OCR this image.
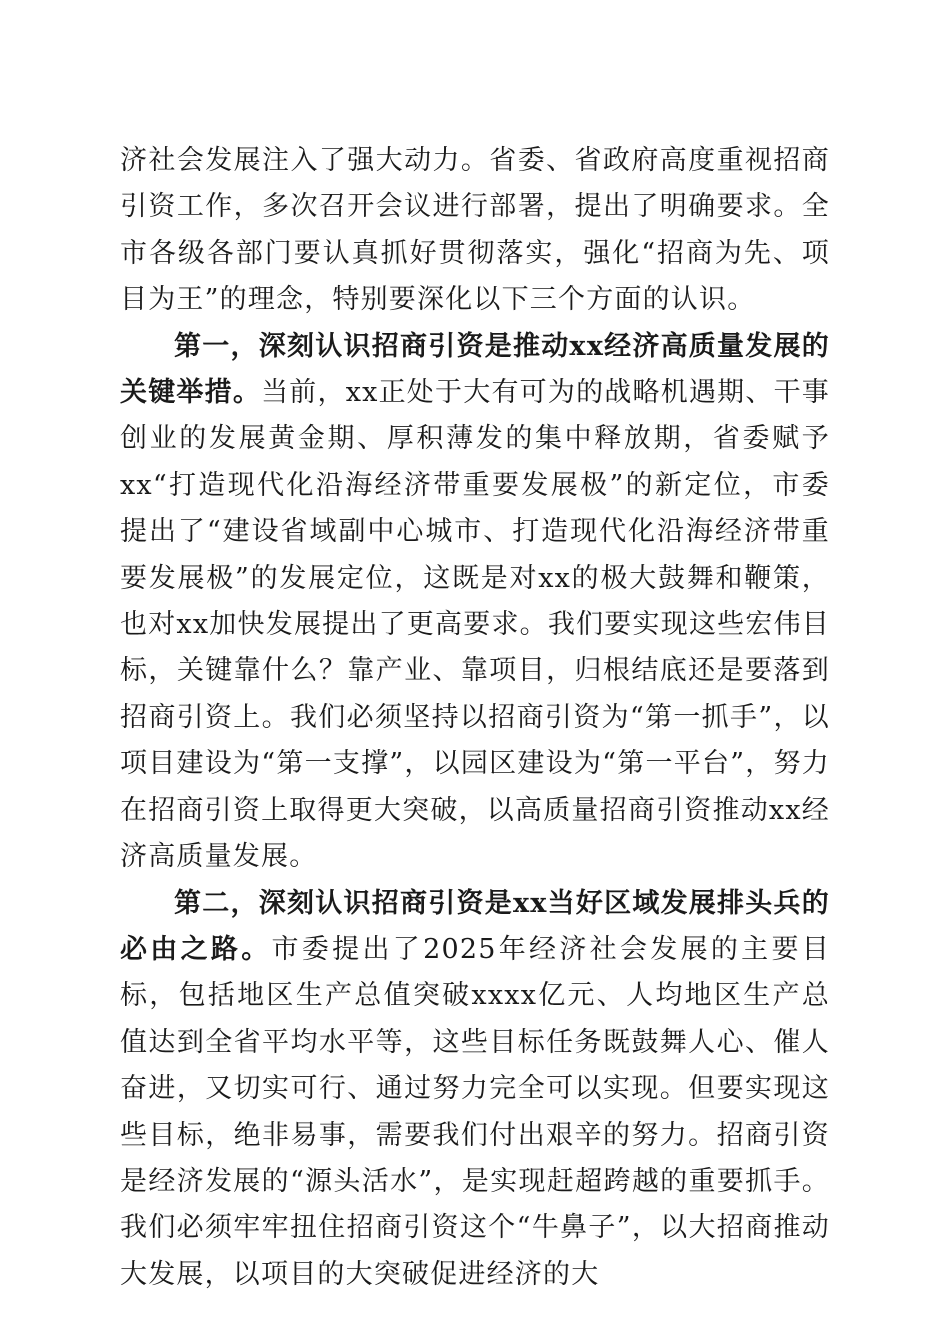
济社会发展注入了强大动力。省委、省政府高度重视招商引资工作，多次召开会议进行部署，提出了明确要求。全市各级各部门要认真抓好贯彻落实，强化“招商为先、项目为王”的理念，特别要深化以下三个方面的认识。

第一，深刻认识招商引资是推动xx经济高质量发展的关键举措。当前，xx正处于大有可为的战略机遇期、干事创业的发展黄金期、厚积薄发的集中释放期，省委赋予xx“打造现代化沿海经济带重要发展极”的新定位，市委提出了“建设省域副中心城市、打造现代化沿海经济带重要发展极”的发展定位，这既是对xx的极大鼓舞和鞭策，也对xx加快发展提出了更高要求。我们要实现这些宏伟目标，关键靠什么？靠产业、靠项目，归根结底还是要落到招商引资上。我们必须坚持以招商引资为“第一抓手”，以项目建设为“第一支撑”，以园区建设为“第一平台”，努力在招商引资上取得更大突破，以高质量招商引资推动xx经济高质量发展。

第二，深刻认识招商引资是xx当好区域发展排头兵的必由之路。市委提出了2025年经济社会发展的主要目标，包括地区生产总值突破xxxx亿元、人均地区生产总值达到全省平均水平等，这些目标任务既鼓舞人心、催人奋进，又切实可行、通过努力完全可以实现。但要实现这些目标，绝非易事，需要我们付出艰辛的努力。招商引资是经济发展的“源头活水”，是实现赶超跨越的重要抓手。我们必须牢牢扭住招商引资这个“牛鼻子”，以大招商推动大发展，以项目的大突破促进经济的大
